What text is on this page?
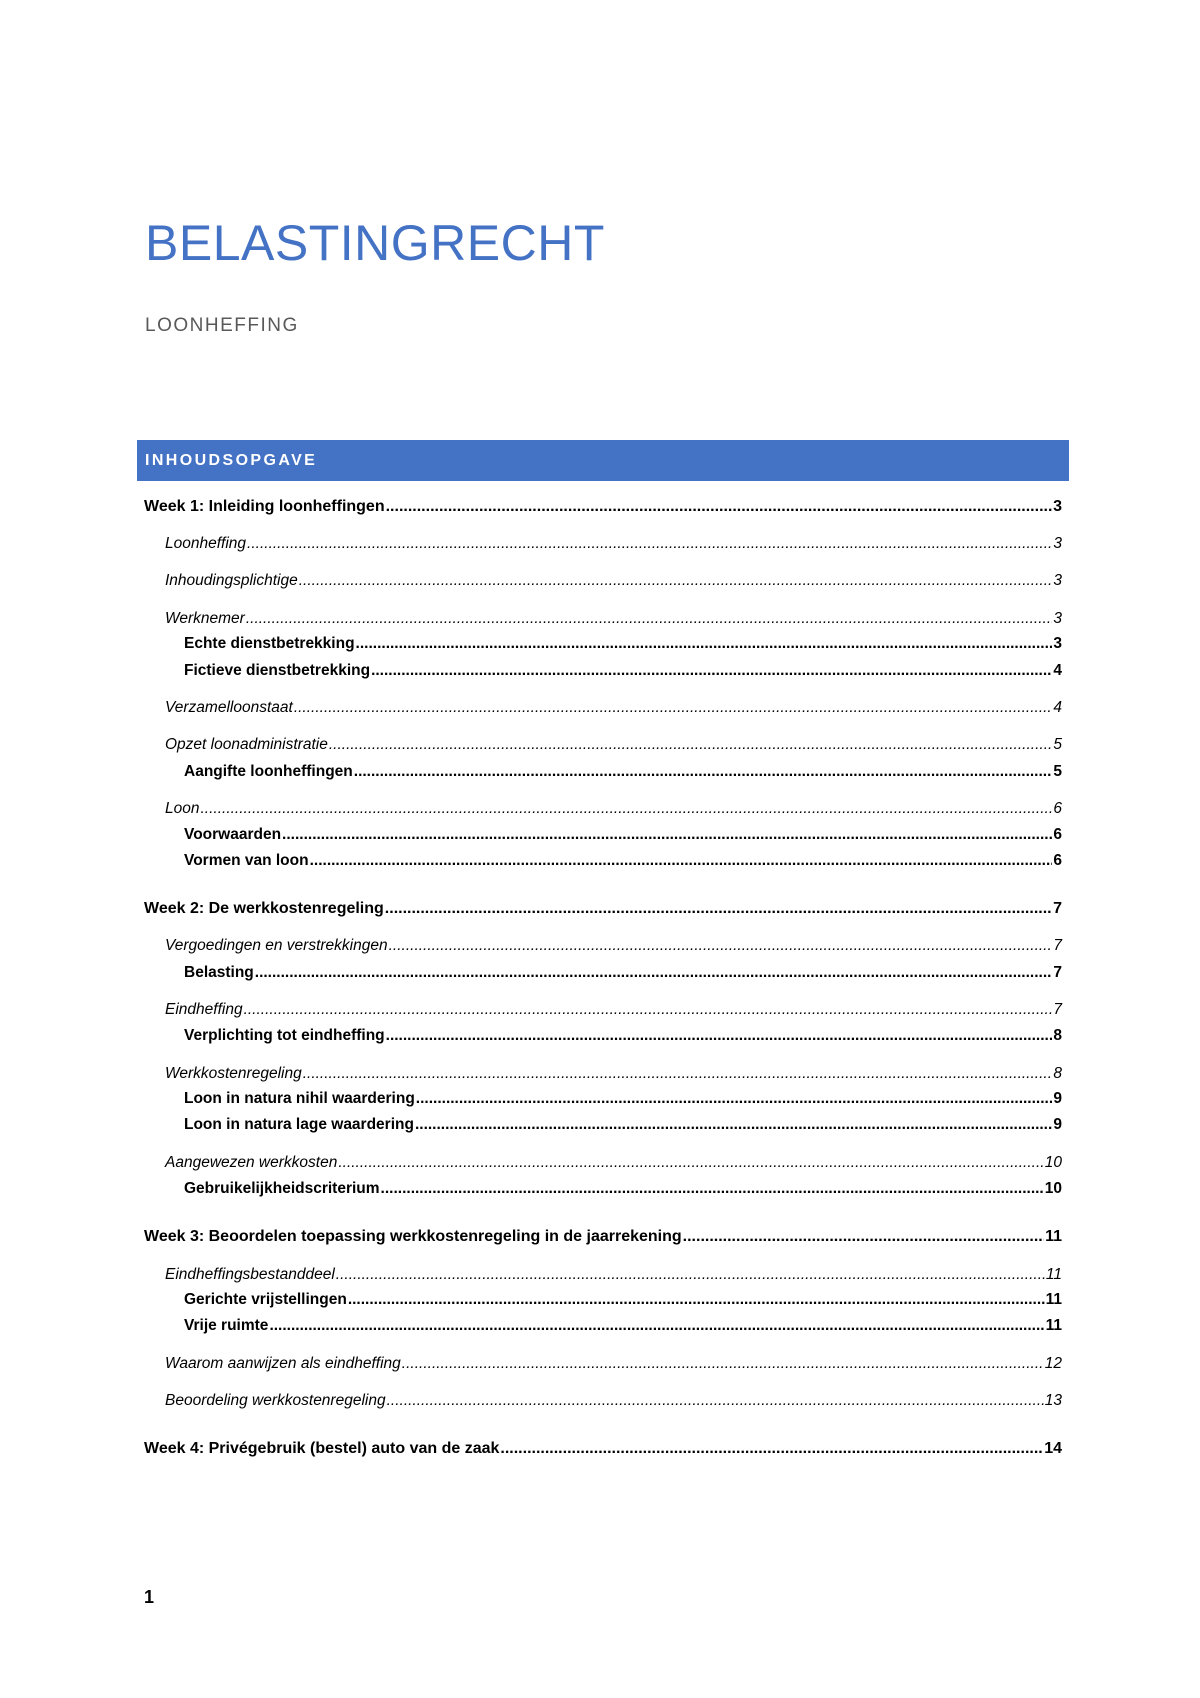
BELASTINGRECHT
LOONHEFFING
INHOUDSOPGAVE
Week 1: Inleiding loonheffingen .....	3
Loonheffing .....	3
Inhoudingsplichtige .....	3
Werknemer .....	3
Echte dienstbetrekking .....	3
Fictieve dienstbetrekking .....	4
Verzamelloonstaat .....	4
Opzet loonadministratie .....	5
Aangifte loonheffingen .....	5
Loon .....	6
Voorwaarden .....	6
Vormen van loon .....	6
Week 2: De werkkostenregeling .....	7
Vergoedingen en verstrekkingen .....	7
Belasting .....	7
Eindheffing .....	7
Verplichting tot eindheffing .....	8
Werkkostenregeling .....	8
Loon in natura nihil waardering .....	9
Loon in natura lage waardering .....	9
Aangewezen werkkosten .....	10
Gebruikelijkheidscriterium .....	10
Week 3: Beoordelen toepassing werkkostenregeling in de jaarrekening .....	11
Eindheffingsbestanddeel .....	11
Gerichte vrijstellingen .....	11
Vrije ruimte .....	11
Waarom aanwijzen als eindheffing .....	12
Beoordeling werkkostenregeling .....	13
Week 4: Privégebruik (bestel) auto van de zaak .....	14
1
